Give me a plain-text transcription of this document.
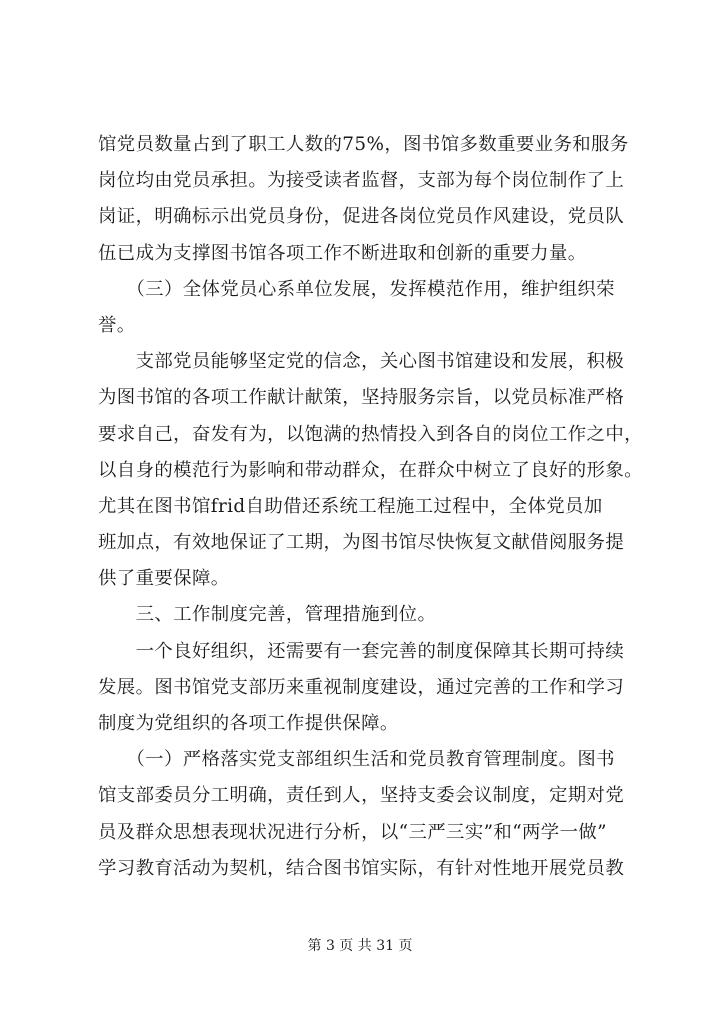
馆党员数量占到了职工人数的75%，图书馆多数重要业务和服务
岗位均由党员承担。为接受读者监督，支部为每个岗位制作了上
岗证，明确标示出党员身份，促进各岗位党员作风建设，党员队
伍已成为支撑图书馆各项工作不断进取和创新的重要力量。
　　（三）全体党员心系单位发展，发挥模范作用，维护组织荣
誉。
　　支部党员能够坚定党的信念，关心图书馆建设和发展，积极
为图书馆的各项工作献计献策，坚持服务宗旨，以党员标准严格
要求自己，奋发有为，以饱满的热情投入到各自的岗位工作之中，
以自身的模范行为影响和带动群众，在群众中树立了良好的形象。
尤其在图书馆frid自助借还系统工程施工过程中，全体党员加
班加点，有效地保证了工期，为图书馆尽快恢复文献借阅服务提
供了重要保障。
　　三、工作制度完善，管理措施到位。
　　一个良好组织，还需要有一套完善的制度保障其长期可持续
发展。图书馆党支部历来重视制度建设，通过完善的工作和学习
制度为党组织的各项工作提供保障。
　　（一）严格落实党支部组织生活和党员教育管理制度。图书
馆支部委员分工明确，责任到人，坚持支委会议制度，定期对党
员及群众思想表现状况进行分析，以“三严三实”和“两学一做”
学习教育活动为契机，结合图书馆实际，有针对性地开展党员教
第 3 页 共 31 页
